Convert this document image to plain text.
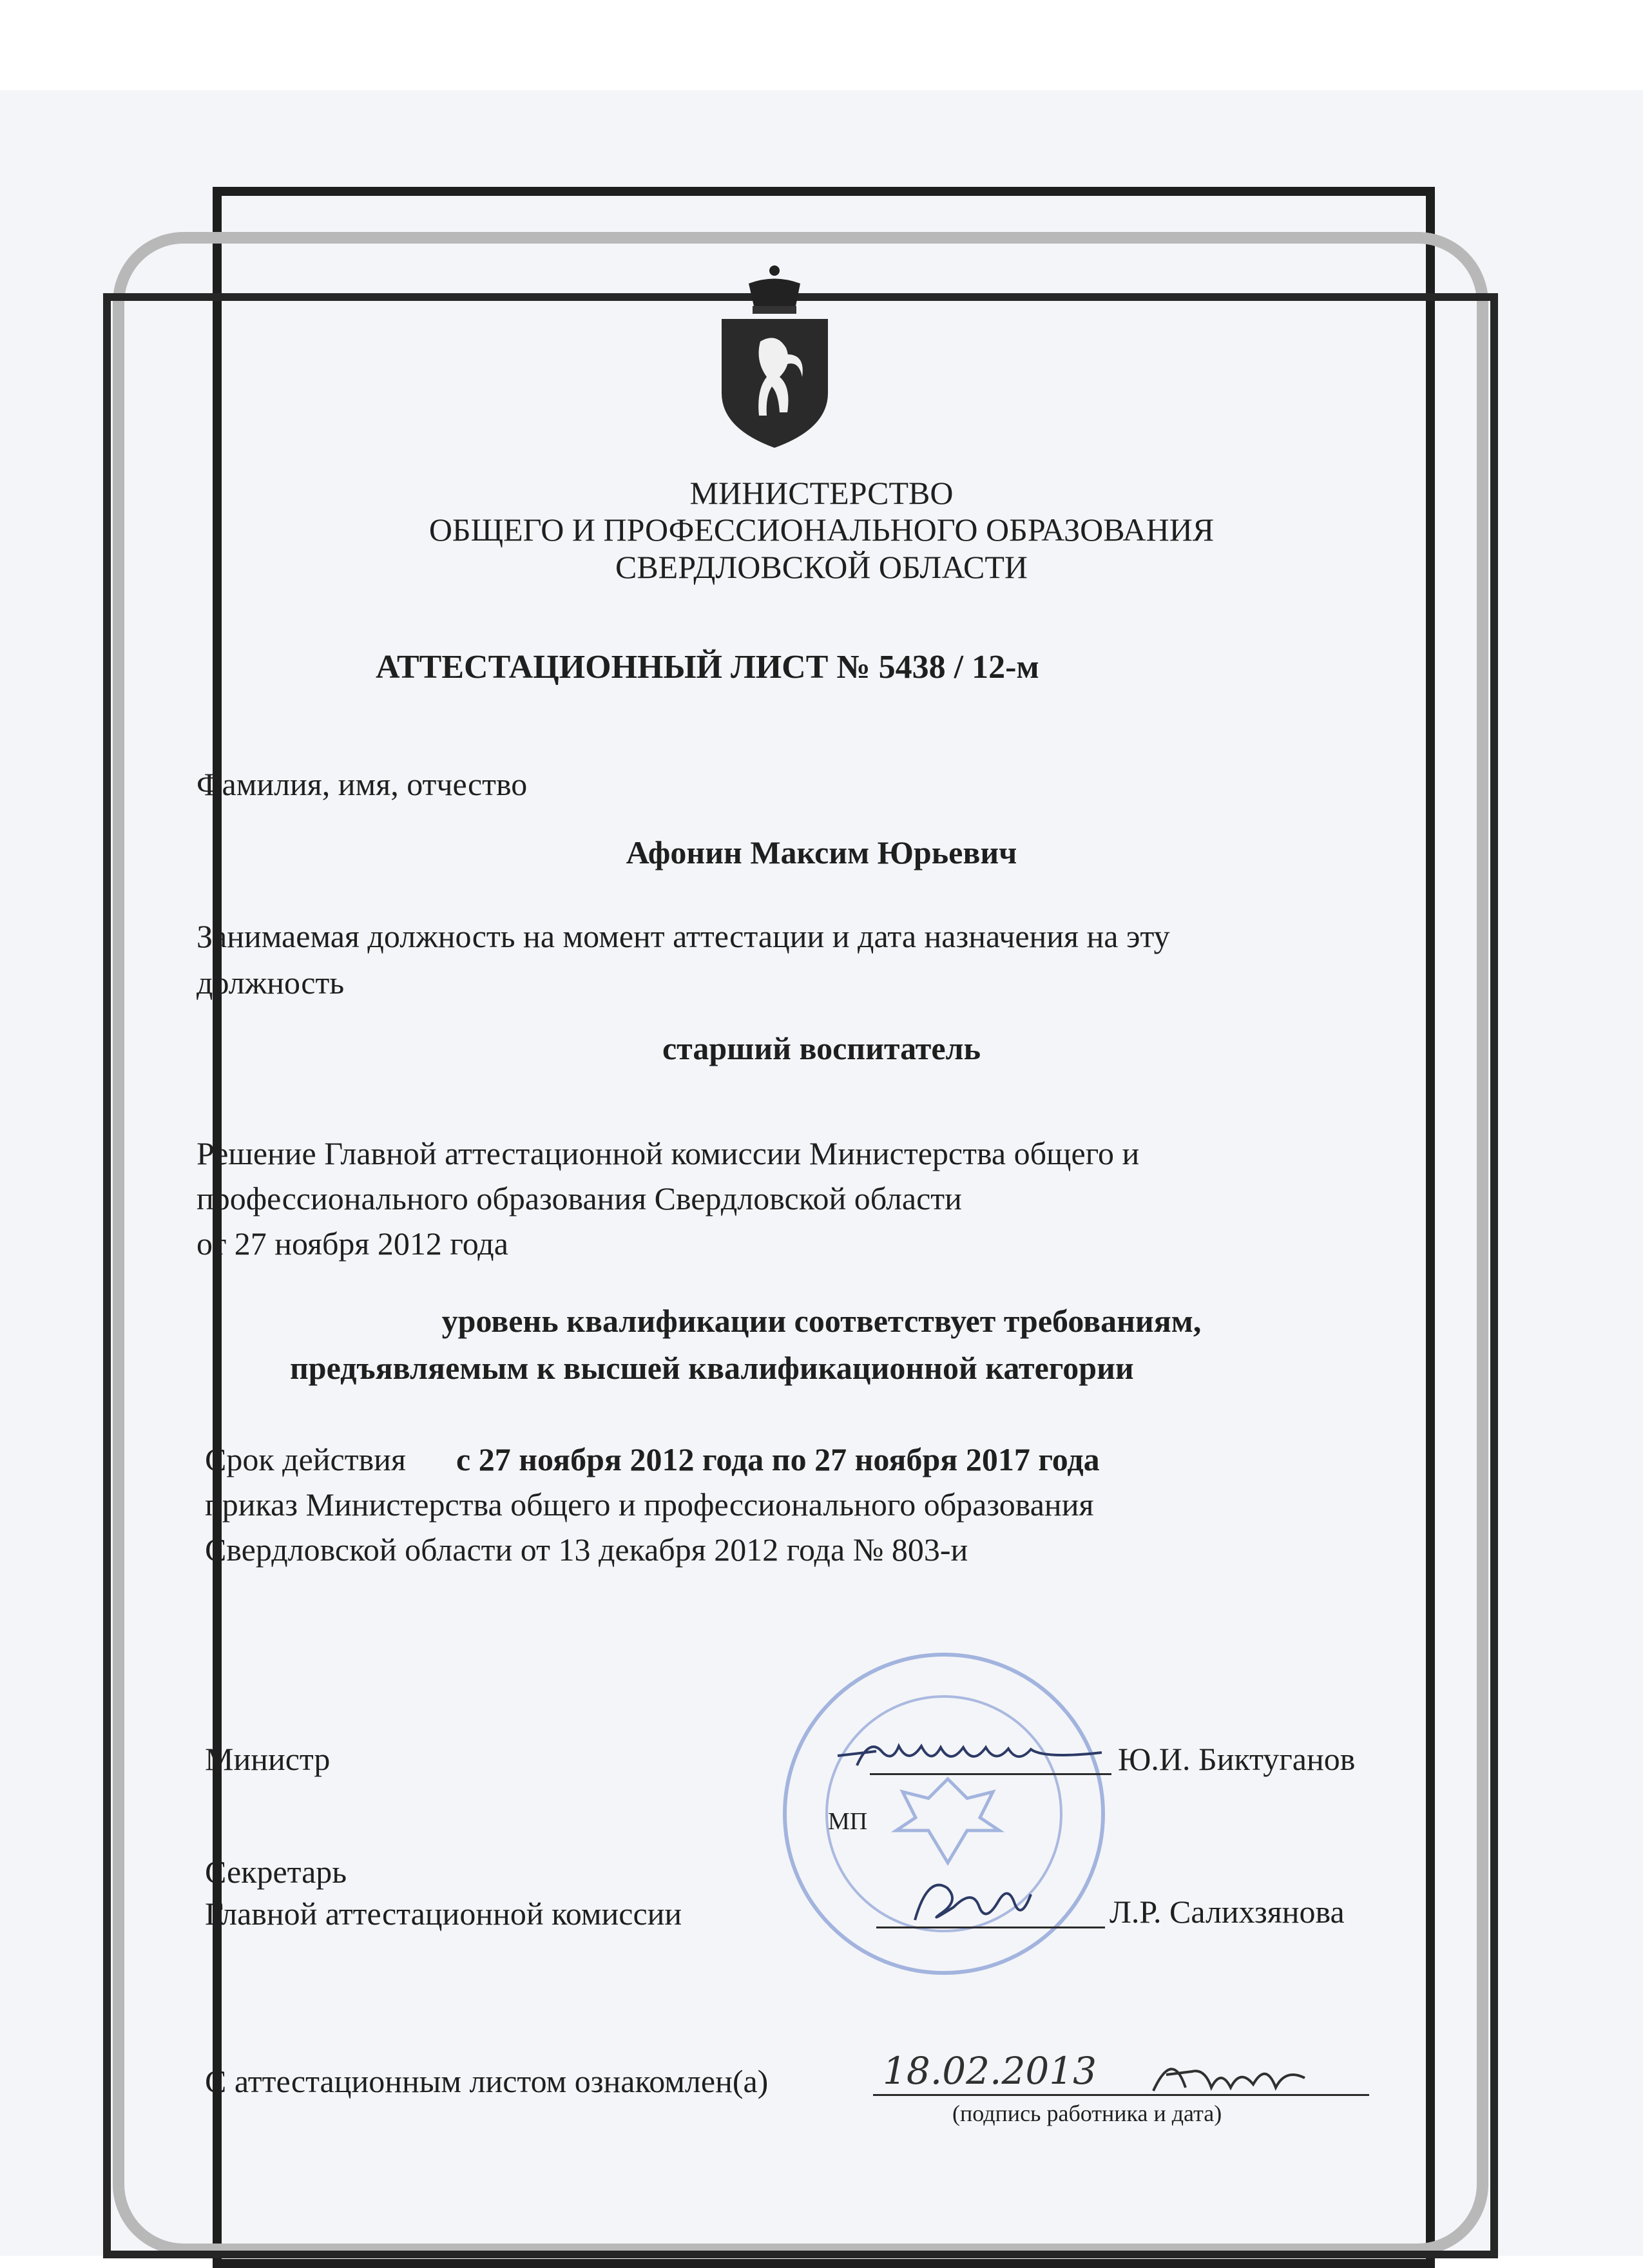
МИНИСТЕРСТВО
ОБЩЕГО И ПРОФЕССИОНАЛЬНОГО ОБРАЗОВАНИЯ
СВЕРДЛОВСКОЙ ОБЛАСТИ
АТТЕСТАЦИОННЫЙ ЛИСТ № 5438 / 12-м
Фамилия, имя, отчество
Афонин Максим Юрьевич
Занимаемая должность на момент аттестации и дата назначения на эту
должность
старший воспитатель
Решение Главной аттестационной комиссии Министерства общего и
профессионального образования Свердловской области
от 27 ноября 2012 года
уровень квалификации соответствует требованиям,
предъявляемым к высшей квалификационной категории
Срок действия с 27 ноября 2012 года по 27 ноября 2017 года
приказ Министерства общего и профессионального образования
Свердловской области от 13 декабря 2012 года № 803-и
Министр	Ю.И. Биктуганов
МП
Секретарь
Главной аттестационной комиссии	Л.Р. Салихзянова
С аттестационным листом ознакомлен(а)	18.02.2013
(подпись работника и дата)
